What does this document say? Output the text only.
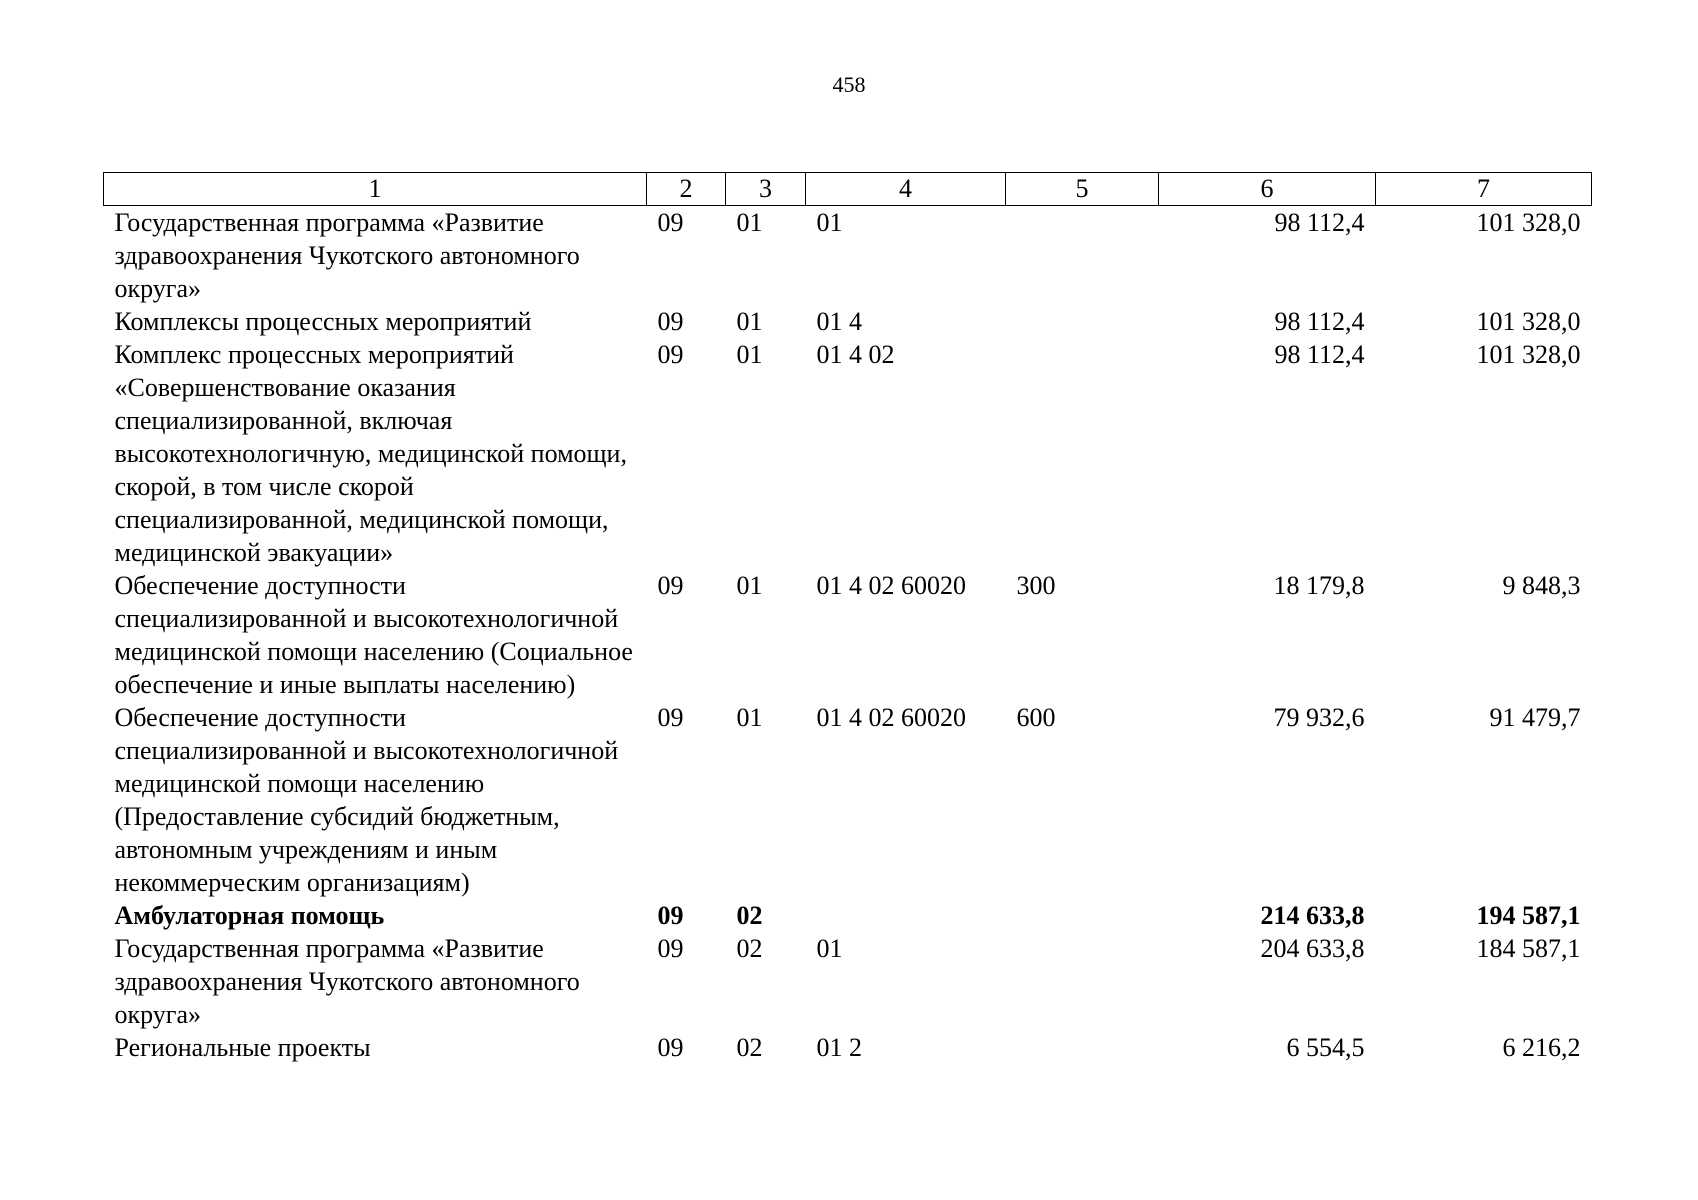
458
1	2	3	4	5	6	7
Государственная программа «Развитие здравоохранения Чукотского автономного округа»	09	01	01		98 112,4	101 328,0
Комплексы процессных мероприятий	09	01	01 4		98 112,4	101 328,0
Комплекс процессных мероприятий «Совершенствование оказания специализированной, включая высокотехнологичную, медицинской помощи, скорой, в том числе скорой специализированной, медицинской помощи, медицинской эвакуации»	09	01	01 4 02		98 112,4	101 328,0
Обеспечение доступности специализированной и высокотехнологичной медицинской помощи населению (Социальное обеспечение и иные выплаты населению)	09	01	01 4 02 60020	300	18 179,8	9 848,3
Обеспечение доступности специализированной и высокотехнологичной медицинской помощи населению (Предоставление субсидий бюджетным, автономным учреждениям и иным некоммерческим организациям)	09	01	01 4 02 60020	600	79 932,6	91 479,7
Амбулаторная помощь	09	02			214 633,8	194 587,1
Государственная программа «Развитие здравоохранения Чукотского автономного округа»	09	02	01		204 633,8	184 587,1
Региональные проекты	09	02	01 2		6 554,5	6 216,2
